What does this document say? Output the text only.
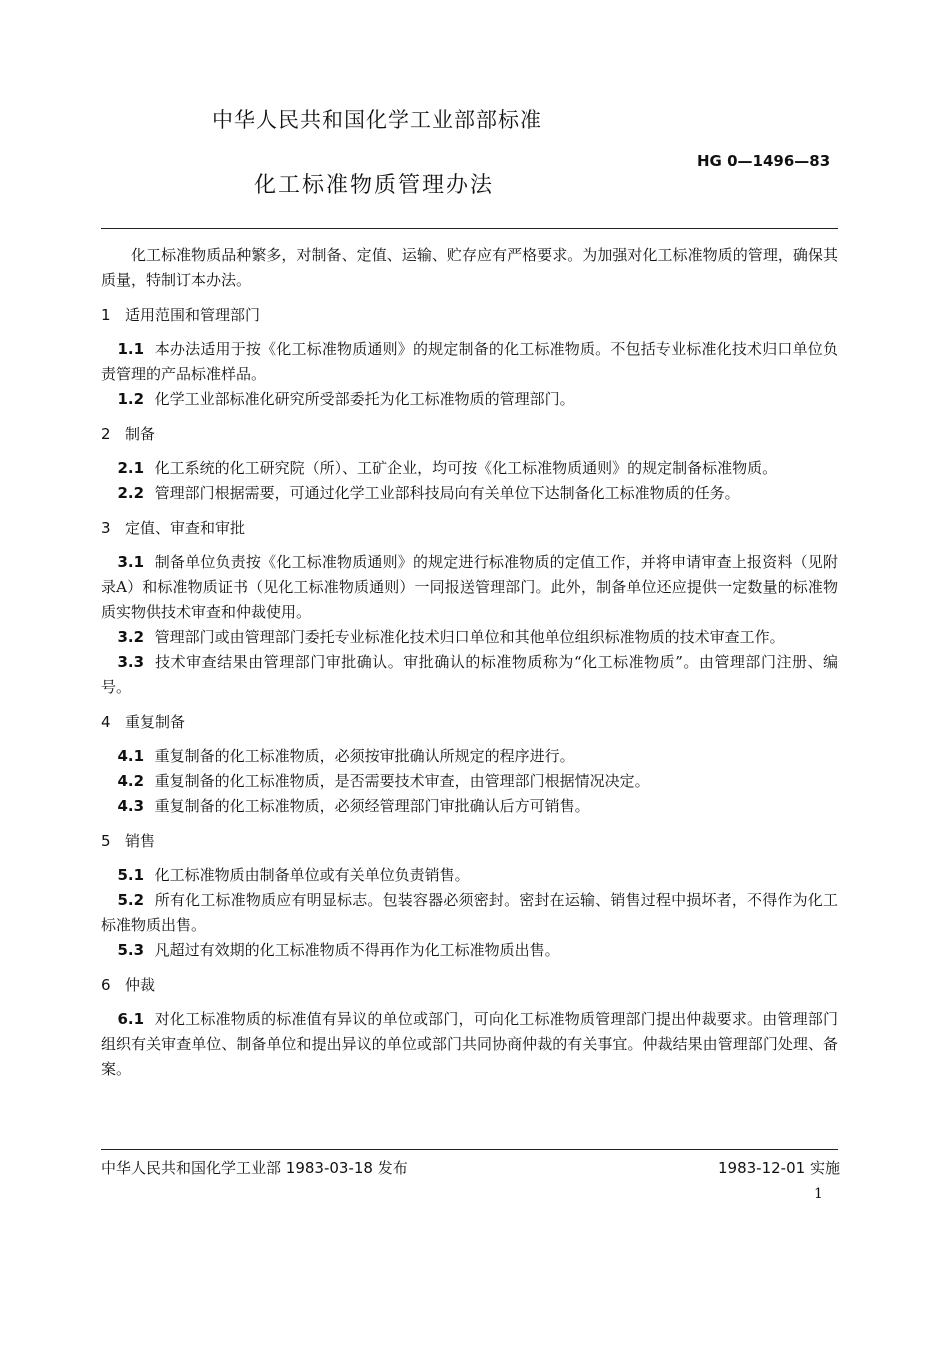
中华人民共和国化学工业部部标准
化工标准物质管理办法
HG 0—1496—83

化工标准物质品种繁多，对制备、定值、运输、贮存应有严格要求。为加强对化工标准物质的管理，确保其质量，特制订本办法。

1 适用范围和管理部门

1.1 本办法适用于按《化工标准物质通则》的规定制备的化工标准物质。不包括专业标准化技术归口单位负责管理的产品标准样品。

1.2 化学工业部标准化研究所受部委托为化工标准物质的管理部门。

2 制备

2.1 化工系统的化工研究院（所）、工矿企业，均可按《化工标准物质通则》的规定制备标准物质。

2.2 管理部门根据需要，可通过化学工业部科技局向有关单位下达制备化工标准物质的任务。

3 定值、审查和审批

3.1 制备单位负责按《化工标准物质通则》的规定进行标准物质的定值工作，并将申请审查上报资料（见附录A）和标准物质证书（见化工标准物质通则）一同报送管理部门。此外，制备单位还应提供一定数量的标准物质实物供技术审查和仲裁使用。

3.2 管理部门或由管理部门委托专业标准化技术归口单位和其他单位组织标准物质的技术审查工作。

3.3 技术审查结果由管理部门审批确认。审批确认的标准物质称为“化工标准物质”。由管理部门注册、编号。

4 重复制备

4.1 重复制备的化工标准物质，必须按审批确认所规定的程序进行。

4.2 重复制备的化工标准物质，是否需要技术审查，由管理部门根据情况决定。

4.3 重复制备的化工标准物质，必须经管理部门审批确认后方可销售。

5 销售

5.1 化工标准物质由制备单位或有关单位负责销售。

5.2 所有化工标准物质应有明显标志。包装容器必须密封。密封在运输、销售过程中损坏者，不得作为化工标准物质出售。

5.3 凡超过有效期的化工标准物质不得再作为化工标准物质出售。

6 仲裁

6.1 对化工标准物质的标准值有异议的单位或部门，可向化工标准物质管理部门提出仲裁要求。由管理部门组织有关审查单位、制备单位和提出异议的单位或部门共同协商仲裁的有关事宜。仲裁结果由管理部门处理、备案。

中华人民共和国化学工业部 1983-03-18 发布	1983-12-01 实施
1
